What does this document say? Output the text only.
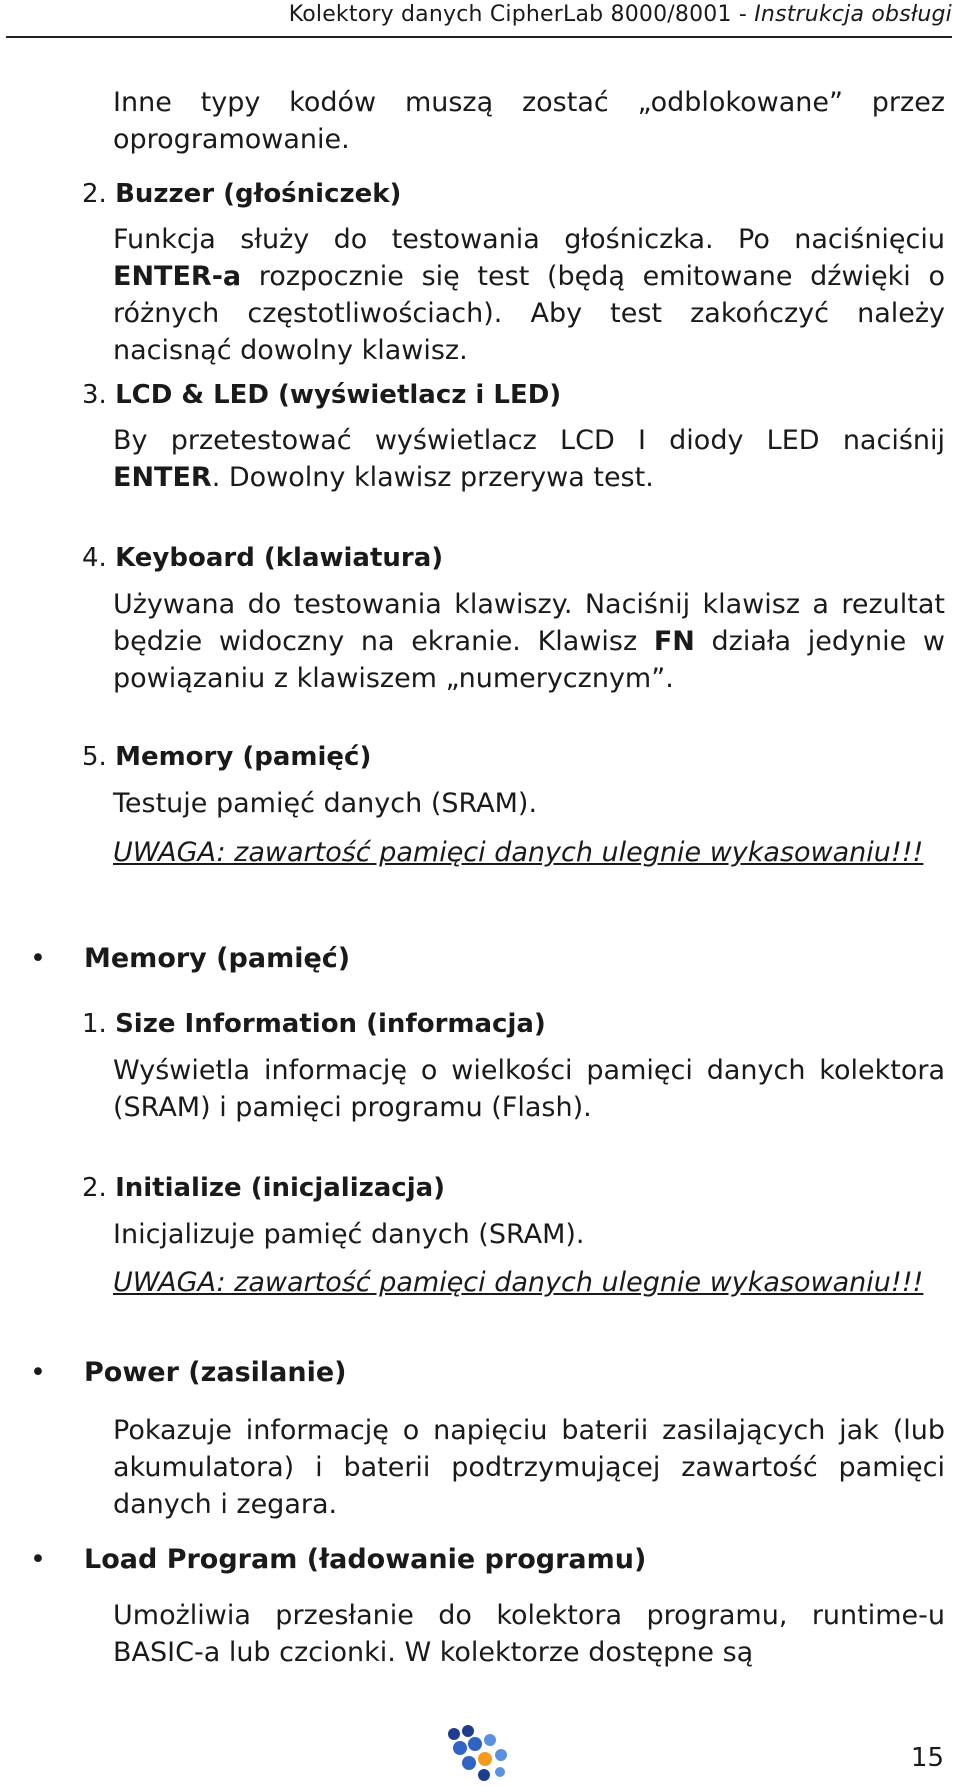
Kolektory danych CipherLab 8000/8001 - Instrukcja obsługi
Inne typy kodów muszą zostać „odblokowane” przez oprogramowanie.
2. Buzzer (głośniczek)
Funkcja służy do testowania głośniczka. Po naciśnięciu ENTER-a rozpocznie się test (będą emitowane dźwięki o różnych częstotliwościach). Aby test zakończyć należy nacisnąć dowolny klawisz.
3. LCD & LED (wyświetlacz i LED)
By przetestować wyświetlacz LCD I diody LED naciśnij ENTER. Dowolny klawisz przerywa test.
4. Keyboard (klawiatura)
Używana do testowania klawiszy. Naciśnij klawisz a rezultat będzie widoczny na ekranie. Klawisz FN działa jedynie w powiązaniu z klawiszem „numerycznym”.
5. Memory (pamięć)
Testuje pamięć danych (SRAM).
UWAGA: zawartość pamięci danych ulegnie wykasowaniu!!!
• Memory (pamięć)
1. Size Information (informacja)
Wyświetla informację o wielkości pamięci danych kolektora (SRAM) i pamięci programu (Flash).
2. Initialize (inicjalizacja)
Inicjalizuje pamięć danych (SRAM).
UWAGA: zawartość pamięci danych ulegnie wykasowaniu!!!
• Power (zasilanie)
Pokazuje informację o napięciu baterii zasilających jak (lub akumulatora) i baterii podtrzymującej zawartość pamięci danych i zegara.
• Load Program (ładowanie programu)
Umożliwia przesłanie do kolektora programu, runtime-u BASIC-a lub czcionki. W kolektorze dostępne są
15
